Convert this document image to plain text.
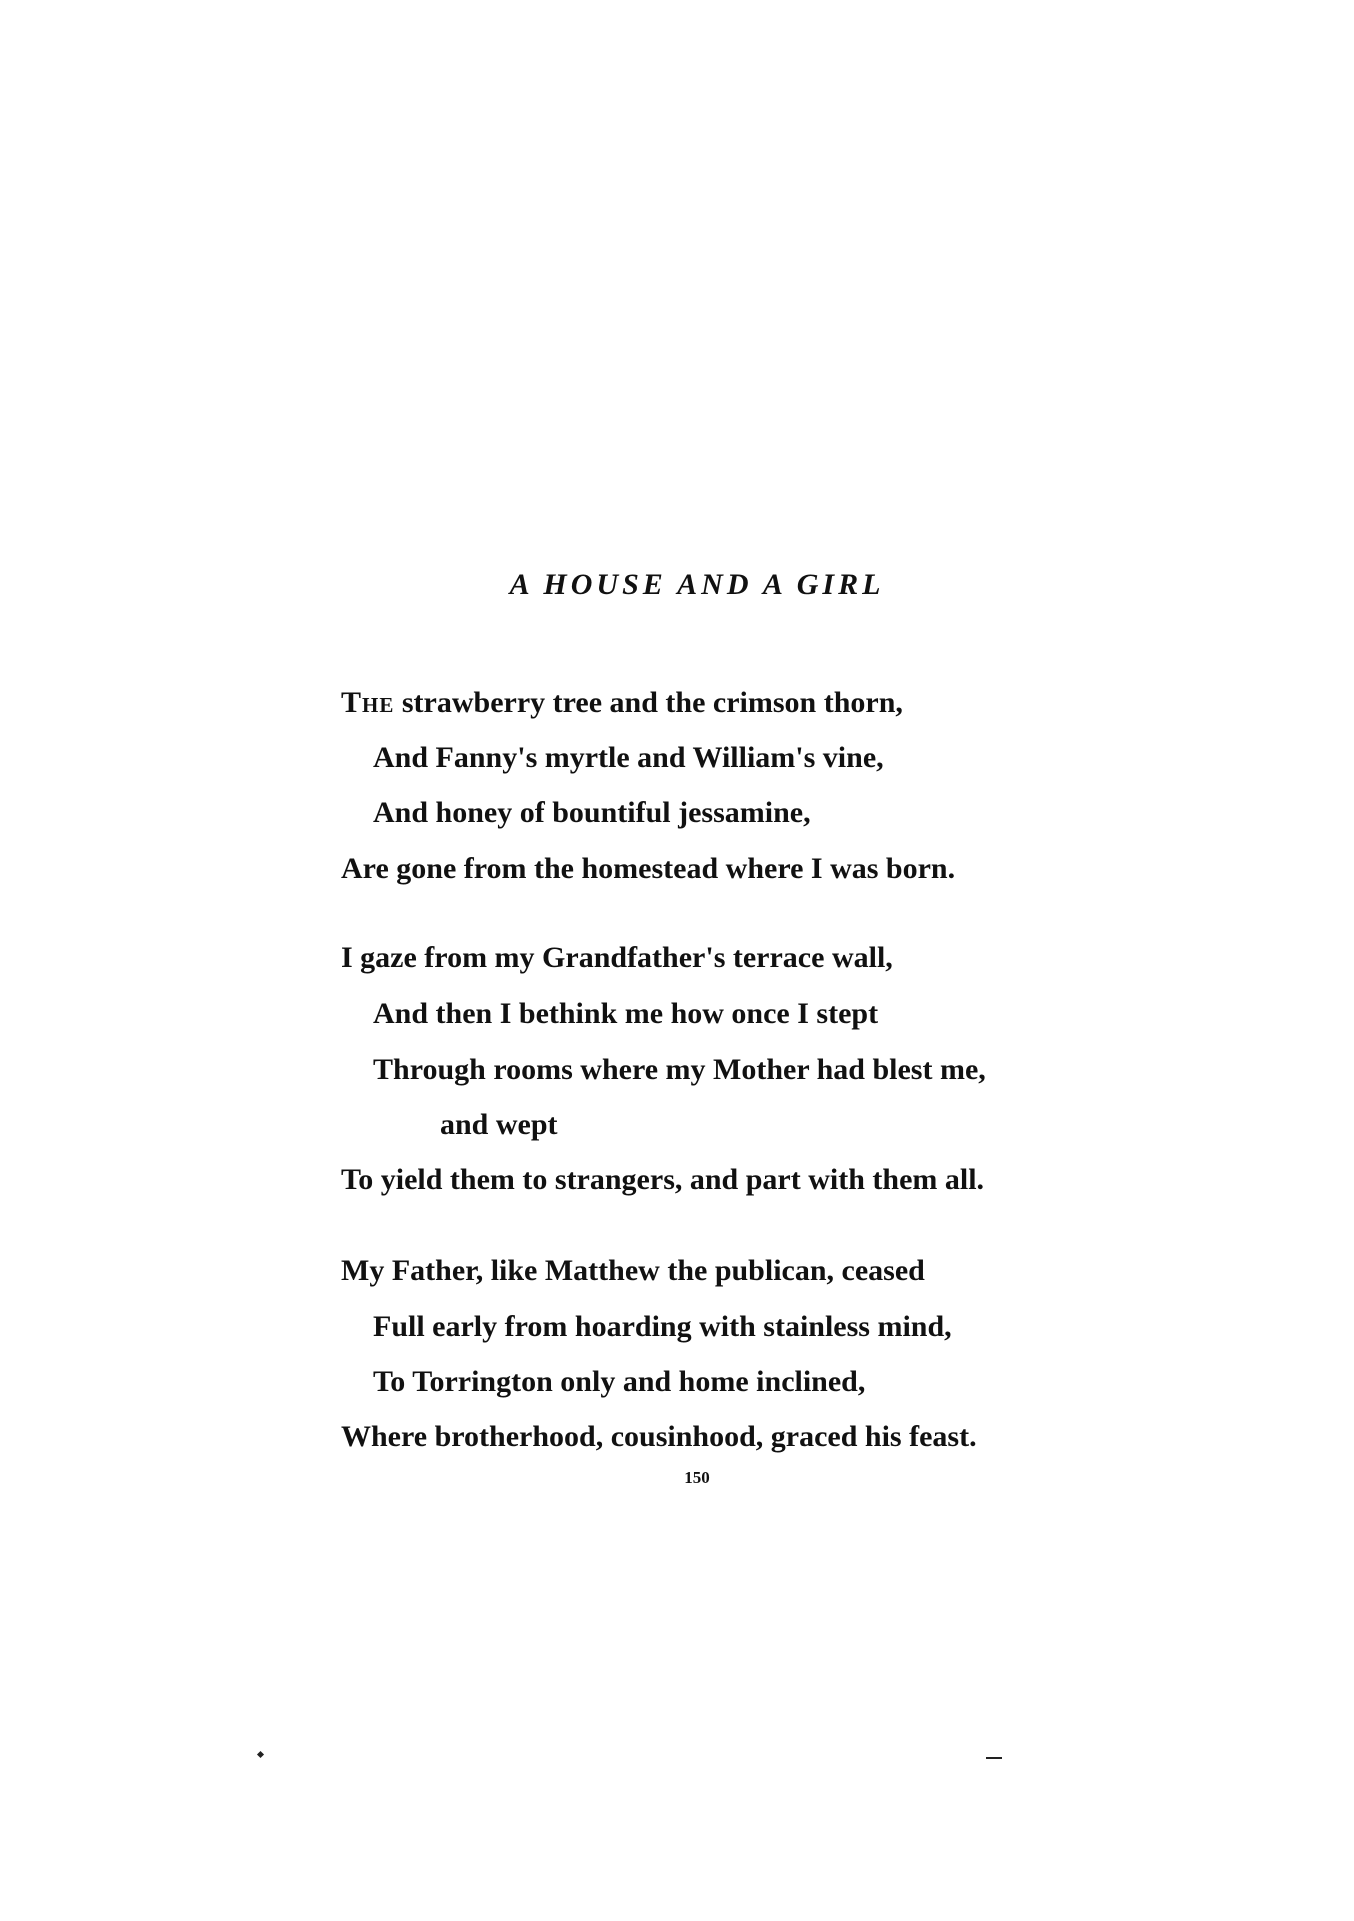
A HOUSE AND A GIRL
The strawberry tree and the crimson thorn,
And Fanny's myrtle and William's vine,
And honey of bountiful jessamine,
Are gone from the homestead where I was born.
I gaze from my Grandfather's terrace wall,
And then I bethink me how once I stept
Through rooms where my Mother had blest me,
and wept
To yield them to strangers, and part with them all.
My Father, like Matthew the publican, ceased
Full early from hoarding with stainless mind,
To Torrington only and home inclined,
Where brotherhood, cousinhood, graced his feast.
150
